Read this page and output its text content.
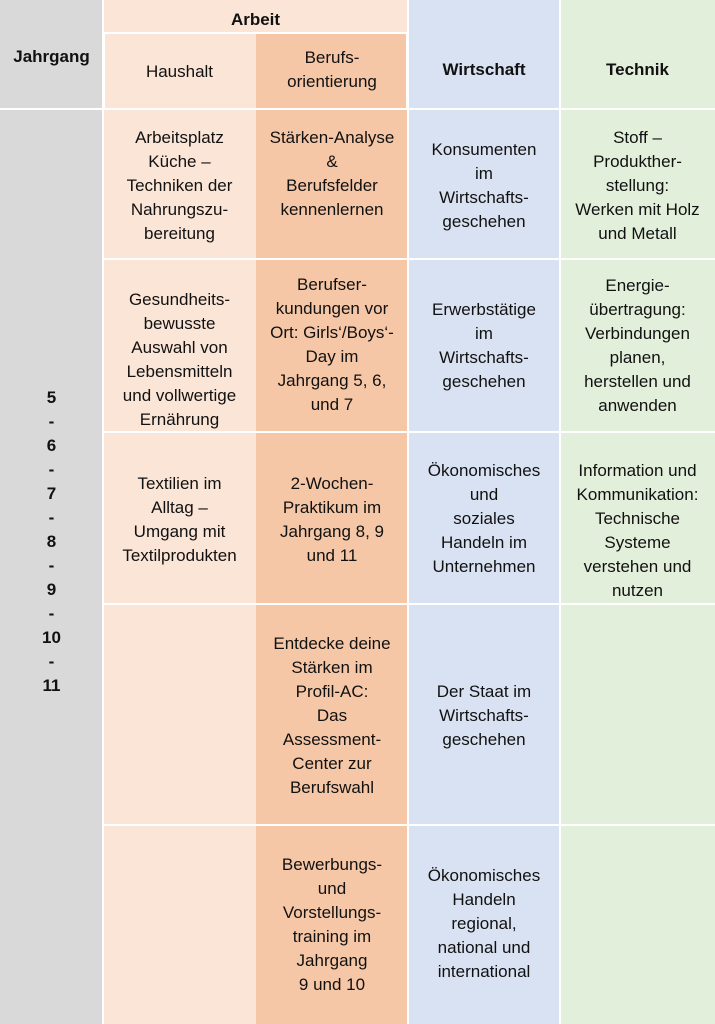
Arbeit
Jahrgang
Haushalt
Berufs-
orientierung
Wirtschaft	Technik
5
-
6
-
7
-
8
-
9
-
10
-
11
Arbeitsplatz
Küche –
Techniken der
Nahrungszu-
bereitung
Stärken-Analyse
&
Berufsfelder
kennenlernen
Konsumenten
im
Wirtschafts-
geschehen
Stoff –
Produkther-
stellung:
Werken mit Holz
und Metall
Gesundheits-
bewusste
Auswahl von
Lebensmitteln
und vollwertige
Ernährung
Berufser-
kundungen vor
Ort: Girls‘/Boys‘-
Day im
Jahrgang 5, 6,
und 7
Erwerbstätige
im
Wirtschafts-
geschehen
Energie-
übertragung:
Verbindungen
planen,
herstellen und
anwenden
Textilien im
Alltag –
Umgang mit
Textilprodukten
2-Wochen-
Praktikum im
Jahrgang 8, 9
und 11
Ökonomisches
und
soziales
Handeln im
Unternehmen
Information und
Kommunikation:
Technische
Systeme
verstehen und
nutzen
Entdecke deine
Stärken im
Profil-AC:
Das
Assessment-
Center zur
Berufswahl
Der Staat im
Wirtschafts-
geschehen
Bewerbungs-
und
Vorstellungs-
training im
Jahrgang
9 und 10
Ökonomisches
Handeln
regional,
national und
international
